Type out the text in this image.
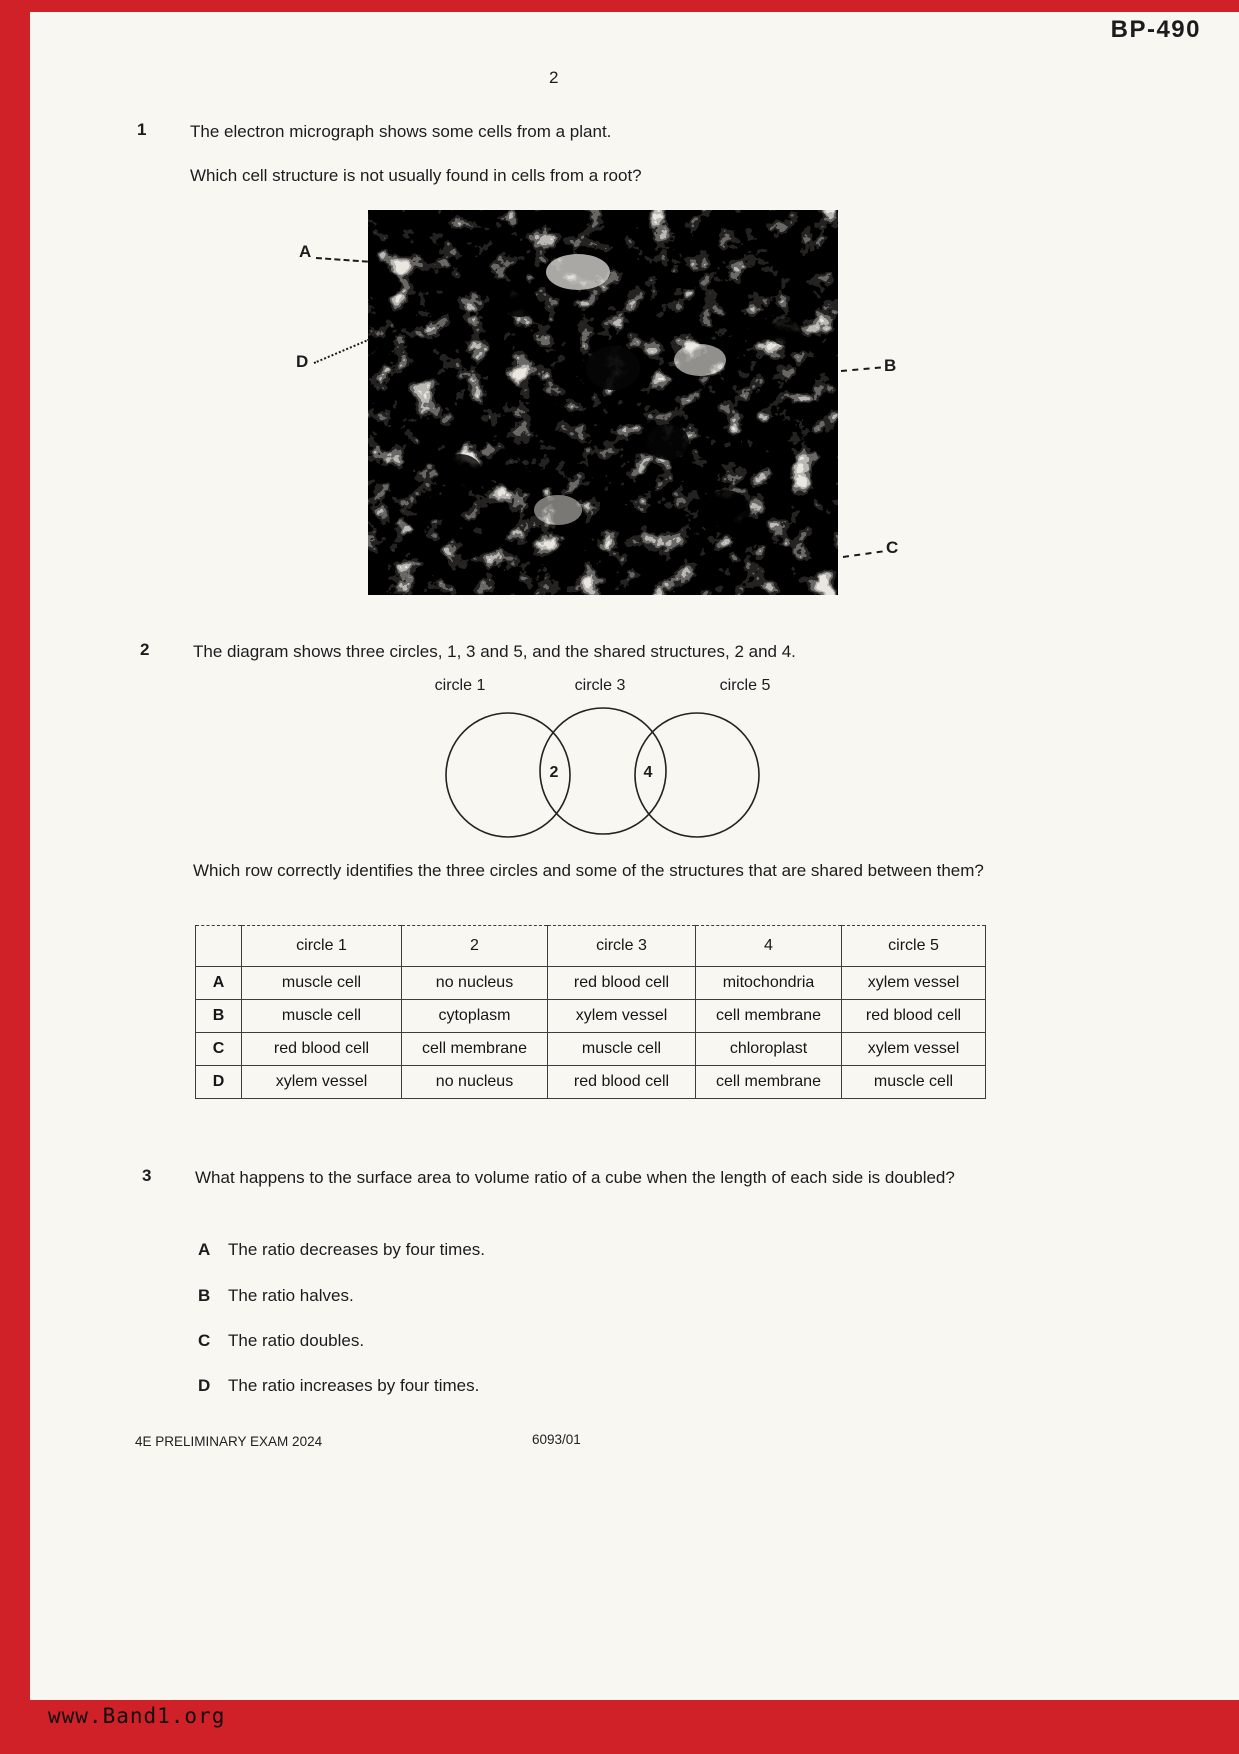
BP-490
2
1	The electron micrograph shows some cells from a plant.
Which cell structure is not usually found in cells from a root?
A
D	B
C
2	The diagram shows three circles, 1, 3 and 5, and the shared structures, 2 and 4.
circle 1	circle 3	circle 5
2	4
Which row correctly identifies the three circles and some of the structures that are shared between them?
	circle 1	2	circle 3	4	circle 5
A	muscle cell	no nucleus	red blood cell	mitochondria	xylem vessel
B	muscle cell	cytoplasm	xylem vessel	cell membrane	red blood cell
C	red blood cell	cell membrane	muscle cell	chloroplast	xylem vessel
D	xylem vessel	no nucleus	red blood cell	cell membrane	muscle cell
3	What happens to the surface area to volume ratio of a cube when the length of each side is doubled?
A The ratio decreases by four times.
B The ratio halves.
C The ratio doubles.
D The ratio increases by four times.
4E PRELIMINARY EXAM 2024	6093/01
www.Band1.org
